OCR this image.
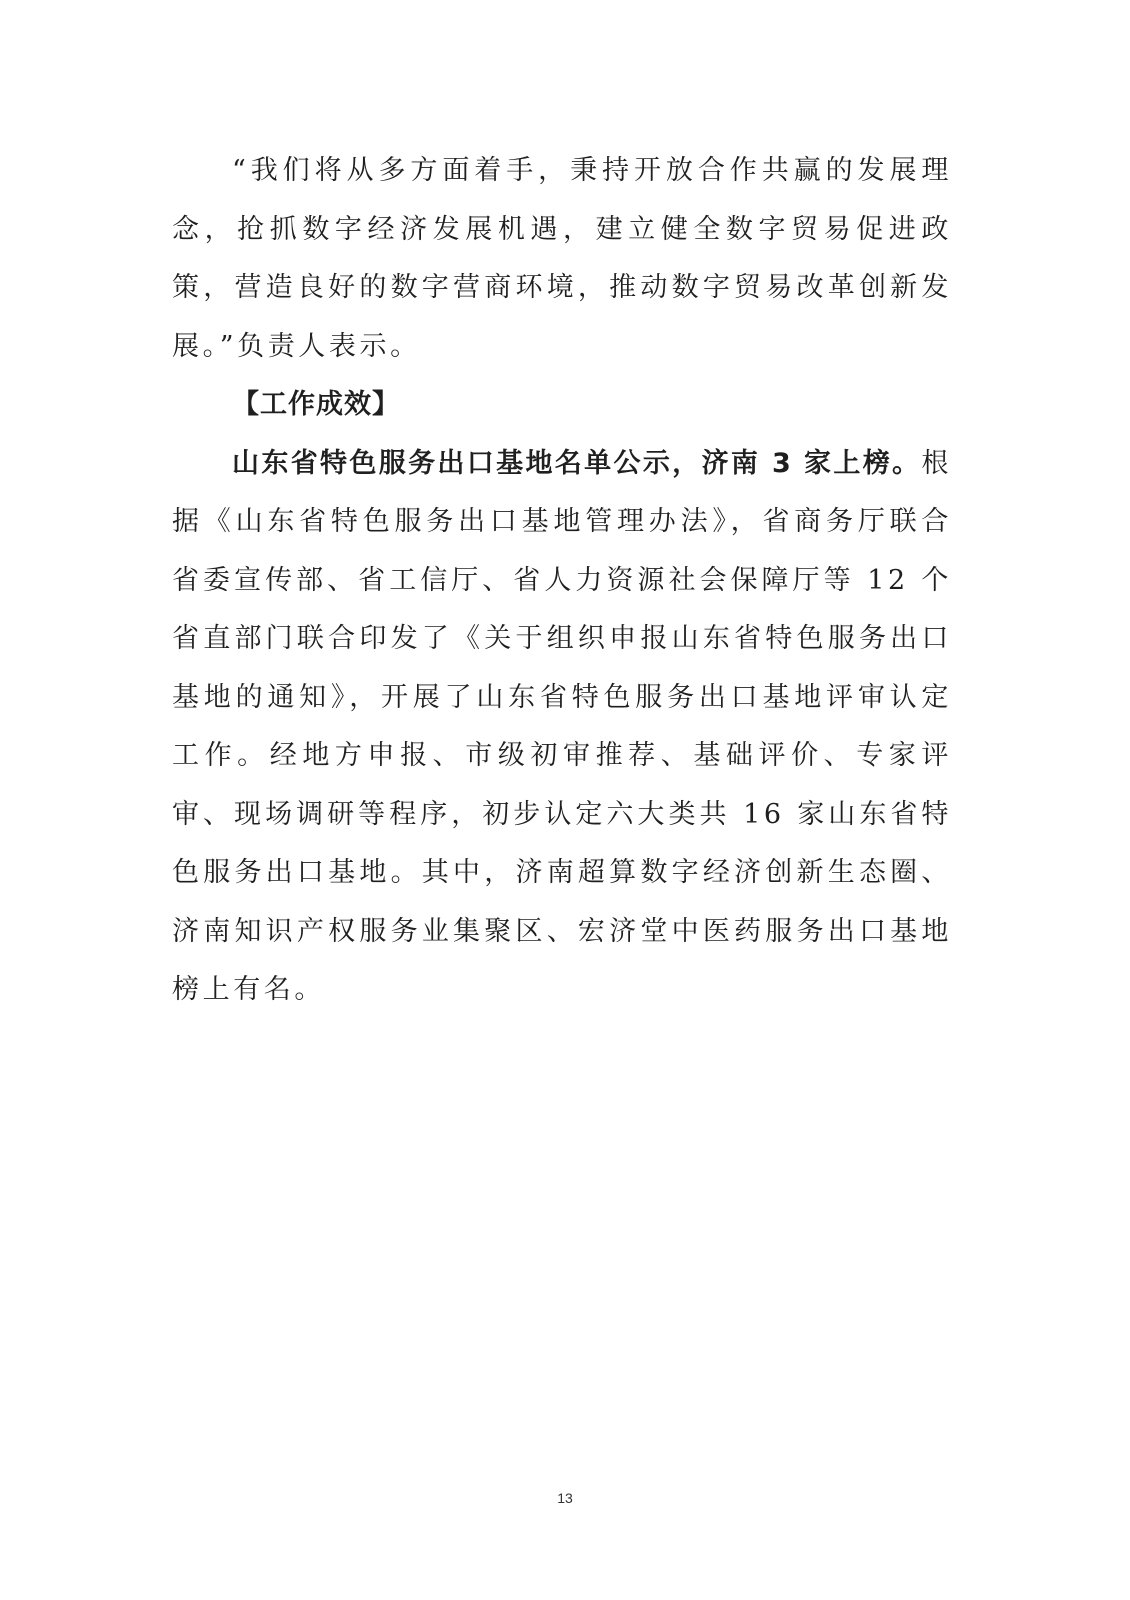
“我们将从多方面着手，秉持开放合作共赢的发展理念，抢抓数字经济发展机遇，建立健全数字贸易促进政策，营造良好的数字营商环境，推动数字贸易改革创新发展。”负责人表示。

【工作成效】

山东省特色服务出口基地名单公示，济南 3 家上榜。根据《山东省特色服务出口基地管理办法》，省商务厅联合省委宣传部、省工信厅、省人力资源社会保障厅等 12 个省直部门联合印发了《关于组织申报山东省特色服务出口基地的通知》，开展了山东省特色服务出口基地评审认定工作。经地方申报、市级初审推荐、基础评价、专家评审、现场调研等程序，初步认定六大类共 16 家山东省特色服务出口基地。其中，济南超算数字经济创新生态圈、济南知识产权服务业集聚区、宏济堂中医药服务出口基地榜上有名。

13
